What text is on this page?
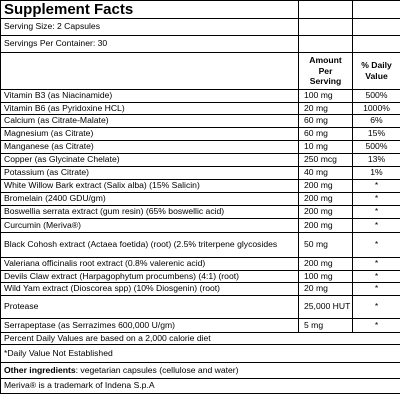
Supplement Facts		
Serving Size: 2 Capsules		
Servings Per Container: 30		
	Amount Per Serving	% Daily Value
Vitamin B3 (as Niacinamide)	100 mg	500%
Vitamin B6 (as Pyridoxine HCL)	20 mg	1000%
Calcium (as Citrate-Malate)	60 mg	6%
Magnesium (as Citrate)	60 mg	15%
Manganese (as Citrate)	10 mg	500%
Copper (as Glycinate Chelate)	250 mcg	13%
Potassium (as Citrate)	40 mg	1%
White Willow Bark extract (Salix alba) (15% Salicin)	200 mg	*
Bromelain (2400 GDU/gm)	200 mg	*
Boswellia serrata extract (gum resin) (65% boswellic acid)	200 mg	*
Curcumin (Meriva®)	200 mg	*
Black Cohosh extract (Actaea foetida) (root) (2.5% triterpene glycosides	50 mg	*
Valeriana officinalis root extract (0.8% valerenic acid)	200 mg	*
Devils Claw extract (Harpagophytum procumbens) (4:1) (root)	100 mg	*
Wild Yam extract (Dioscorea spp) (10% Diosgenin) (root)	20 mg	*
Protease	25,000 HUT	*
Serrapeptase (as Serrazimes 600,000 U/gm)	5 mg	*
Percent Daily Values are based on a 2,000 calorie diet		
*Daily Value Not Established		
Other ingredients: vegetarian capsules (cellulose and water)		
Meriva® is a trademark of Indena S.p.A		
